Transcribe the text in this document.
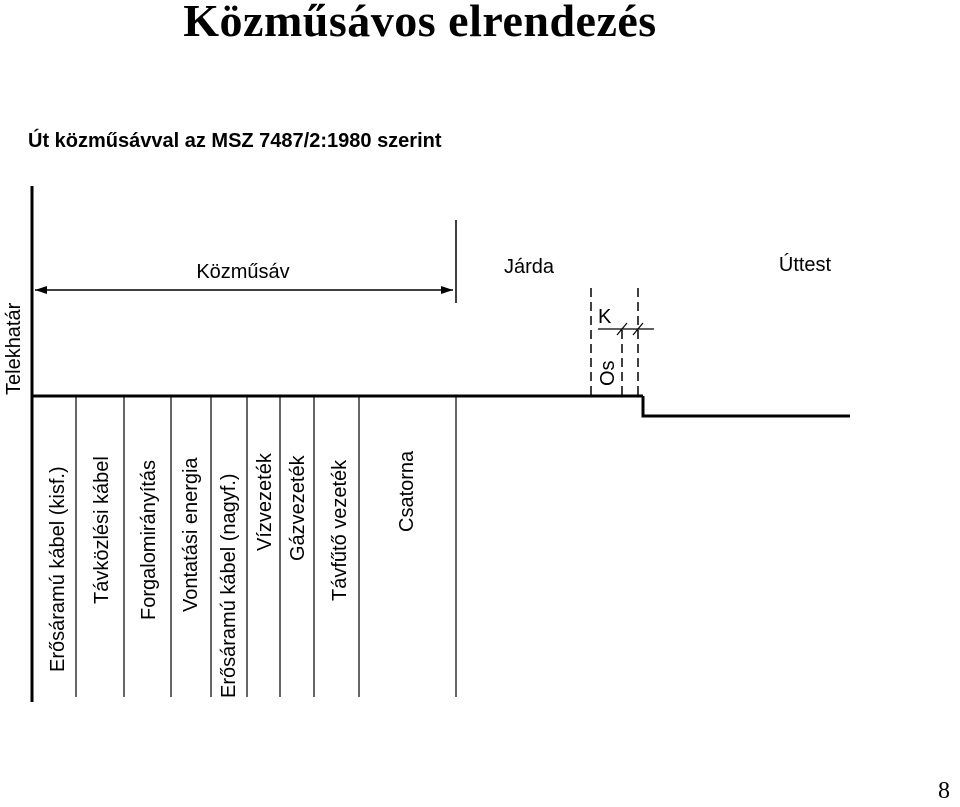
Közműsávos elrendezés

Út közműsávval az MSZ 7487/2:1980 szerint

Telekhatár
Közműsáv	Járda	Úttest
K
Os
Erősáramú kábel (kisf.) Távközlési kábel Forgalomirányítás Vontatási energia Erősáramú kábel (nagyf.) Vízvezeték Gázvezeték Távfűtő vezeték Csatorna
8
